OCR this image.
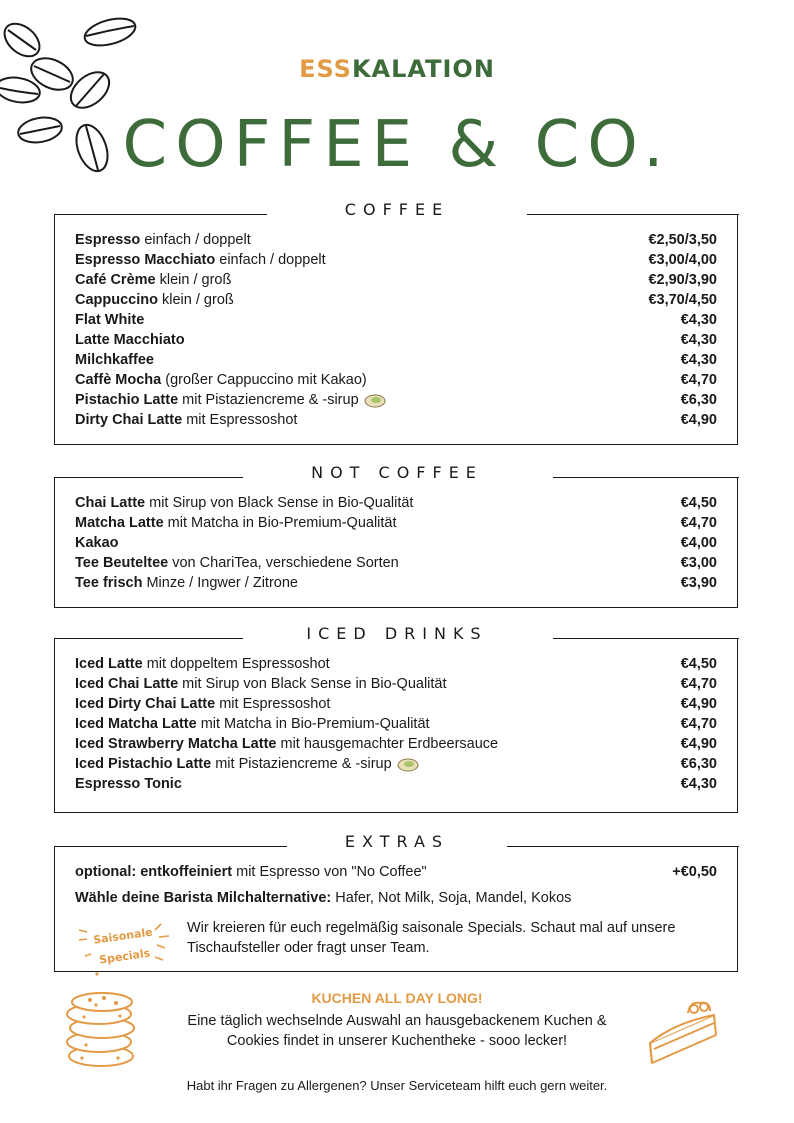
ESSKALATION
COFFEE & CO.
COFFEE
Espresso einfach / doppelt	€2,50/3,50
Espresso Macchiato einfach / doppelt	€3,00/4,00
Café Crème klein / groß	€2,90/3,90
Cappuccino klein / groß	€3,70/4,50
Flat White	€4,30
Latte Macchiato	€4,30
Milchkaffee	€4,30
Caffè Mocha (großer Cappuccino mit Kakao)	€4,70
Pistachio Latte mit Pistaziencreme & -sirup	€6,30
Dirty Chai Latte mit Espressoshot	€4,90
NOT COFFEE
Chai Latte mit Sirup von Black Sense in Bio-Qualität	€4,50
Matcha Latte mit Matcha in Bio-Premium-Qualität	€4,70
Kakao	€4,00
Tee Beuteltee von ChariTea, verschiedene Sorten	€3,00
Tee frisch Minze / Ingwer / Zitrone	€3,90
ICED DRINKS
Iced Latte mit doppeltem Espressoshot	€4,50
Iced Chai Latte mit Sirup von Black Sense in Bio-Qualität	€4,70
Iced Dirty Chai Latte mit Espressoshot	€4,90
Iced Matcha Latte mit Matcha in Bio-Premium-Qualität	€4,70
Iced Strawberry Matcha Latte mit hausgemachter Erdbeersauce	€4,90
Iced Pistachio Latte mit Pistaziencreme & -sirup	€6,30
Espresso Tonic	€4,30
EXTRAS
optional: entkoffeiniert mit Espresso von "No Coffee"	+€0,50
Wähle deine Barista Milchalternative: Hafer, Not Milk, Soja, Mandel, Kokos
Saisonale
Specials
Wir kreieren für euch regelmäßig saisonale Specials. Schaut mal auf unsere Tischaufsteller oder fragt unser Team.
KUCHEN ALL DAY LONG!
Eine täglich wechselnde Auswahl an hausgebackenem Kuchen & Cookies findet in unserer Kuchentheke - sooo lecker!
Habt ihr Fragen zu Allergenen? Unser Serviceteam hilft euch gern weiter.
